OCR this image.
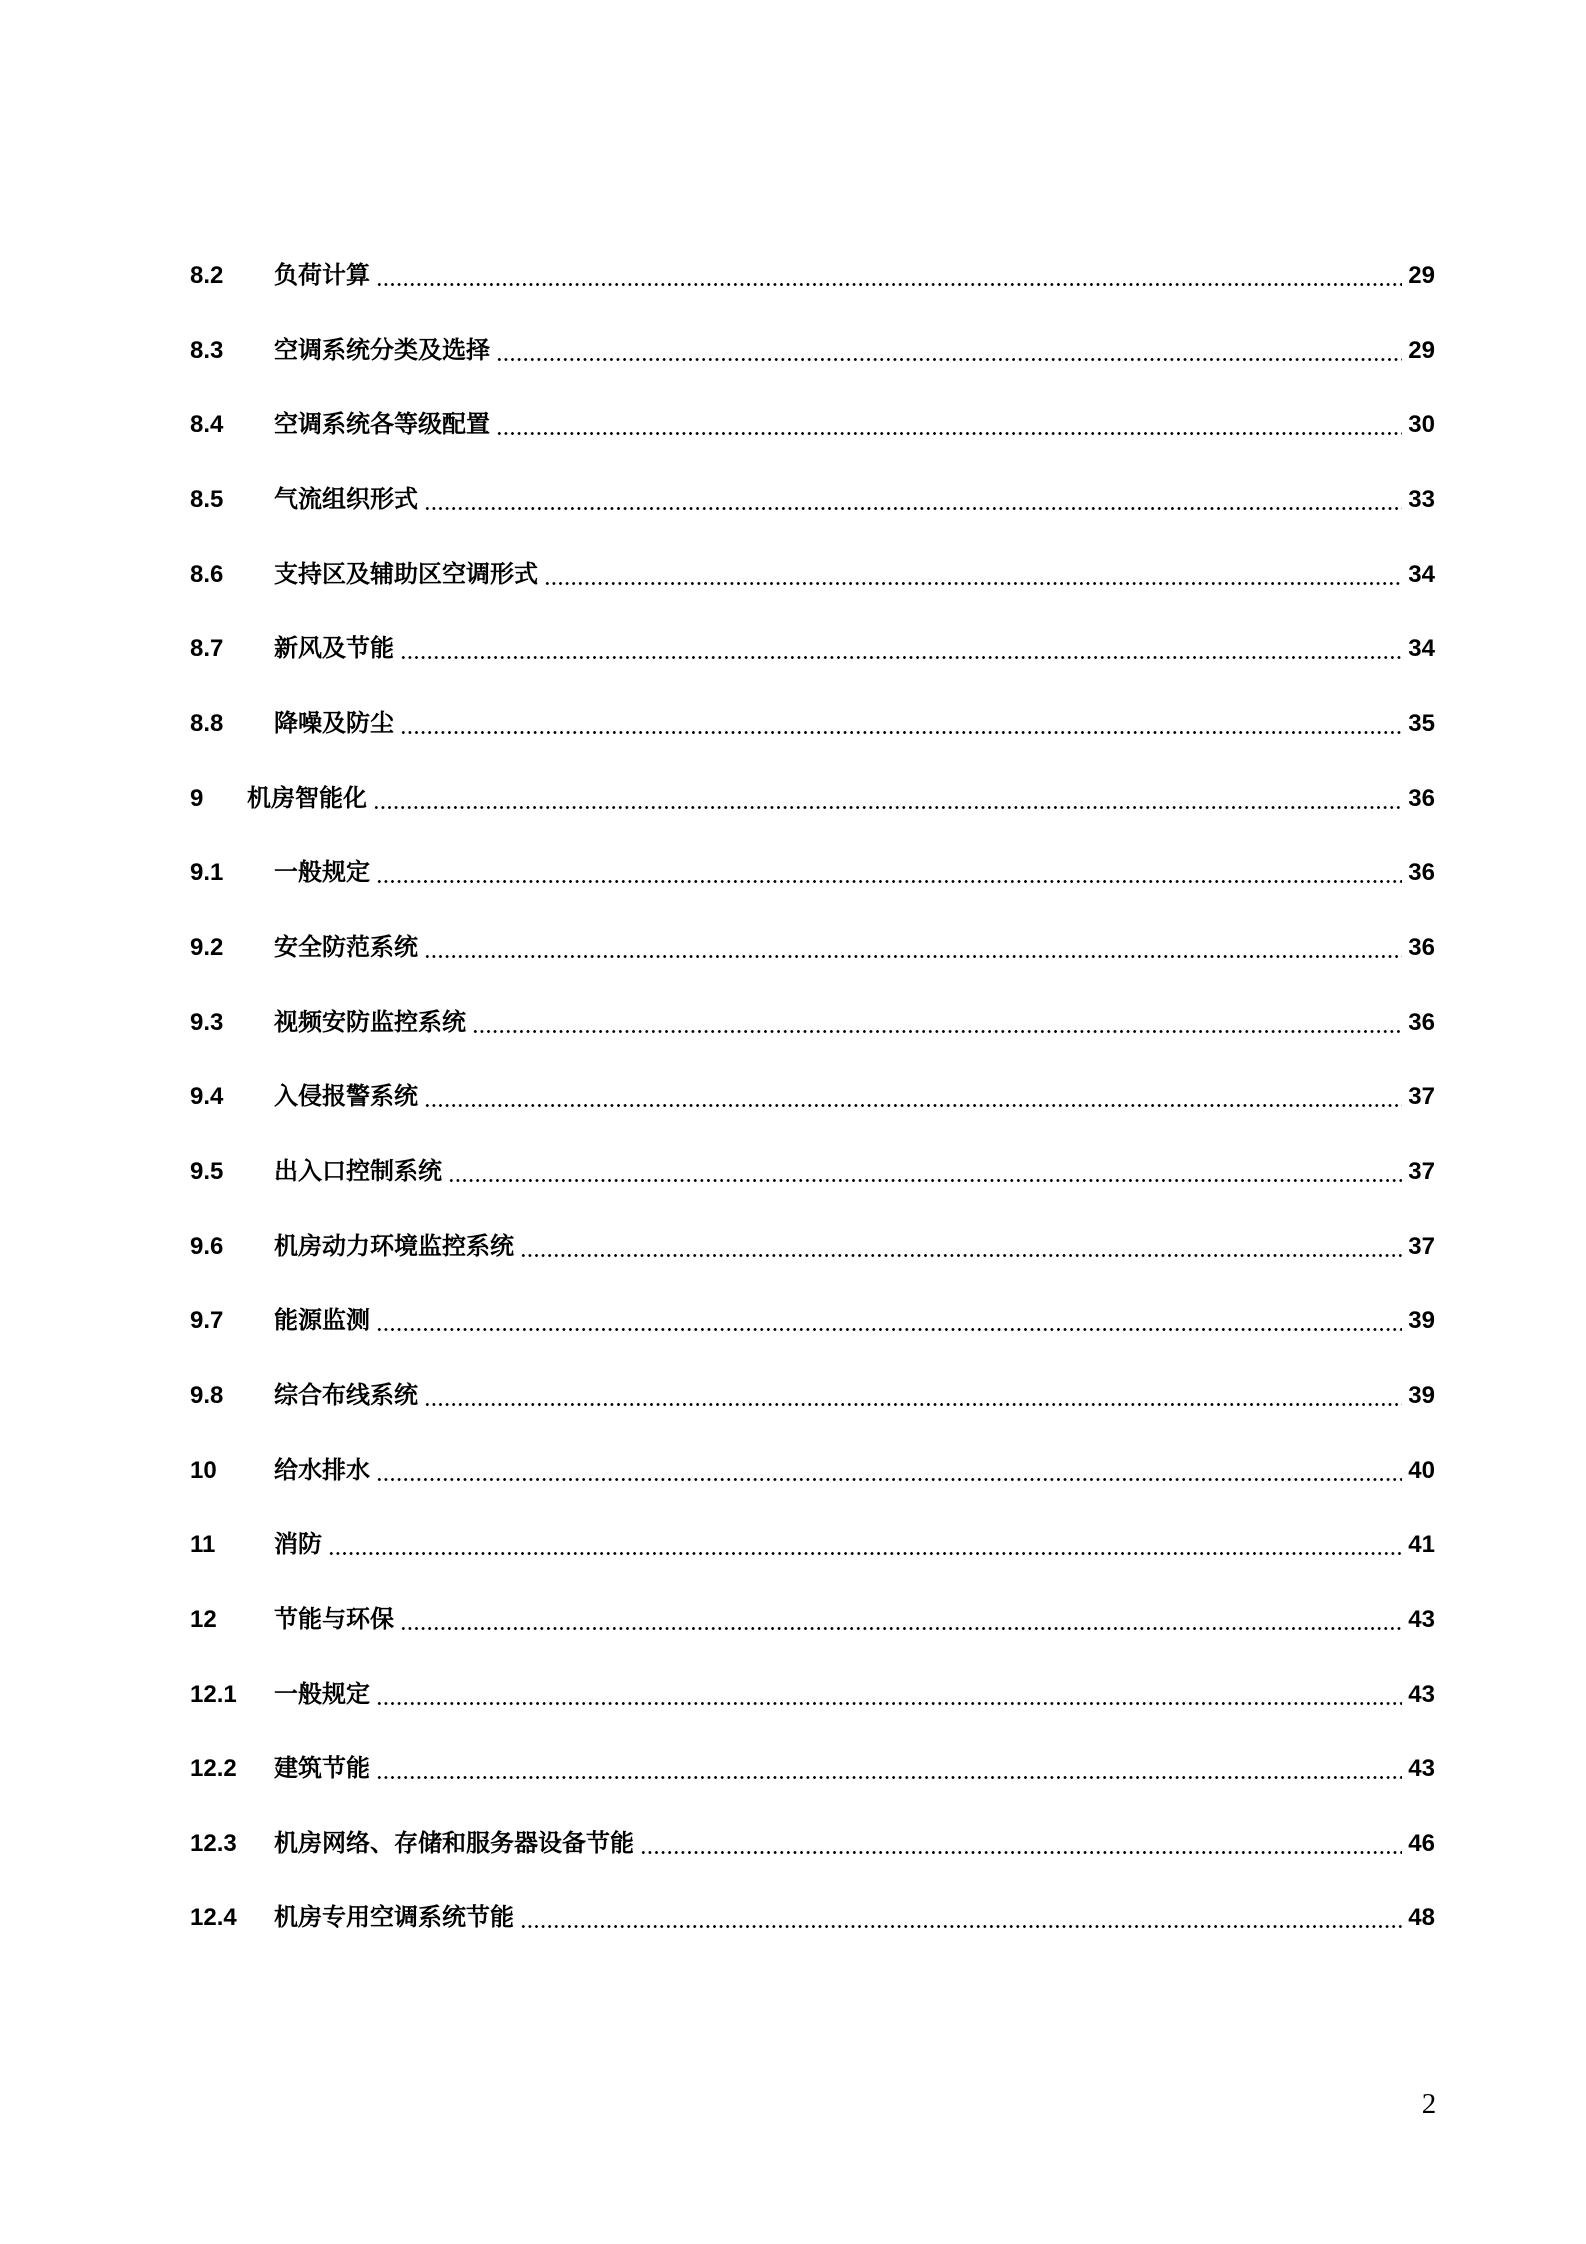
8.2 负荷计算	29
8.3 空调系统分类及选择	29
8.4 空调系统各等级配置	30
8.5 气流组织形式	33
8.6 支持区及辅助区空调形式	34
8.7 新风及节能	34
8.8 降噪及防尘	35
9 机房智能化	36
9.1 一般规定	36
9.2 安全防范系统	36
9.3 视频安防监控系统	36
9.4 入侵报警系统	37
9.5 出入口控制系统	37
9.6 机房动力环境监控系统	37
9.7 能源监测	39
9.8 综合布线系统	39
10 给水排水	40
11 消防	41
12 节能与环保	43
12.1 一般规定	43
12.2 建筑节能	43
12.3 机房网络、存储和服务器设备节能	46
12.4 机房专用空调系统节能	48
2
